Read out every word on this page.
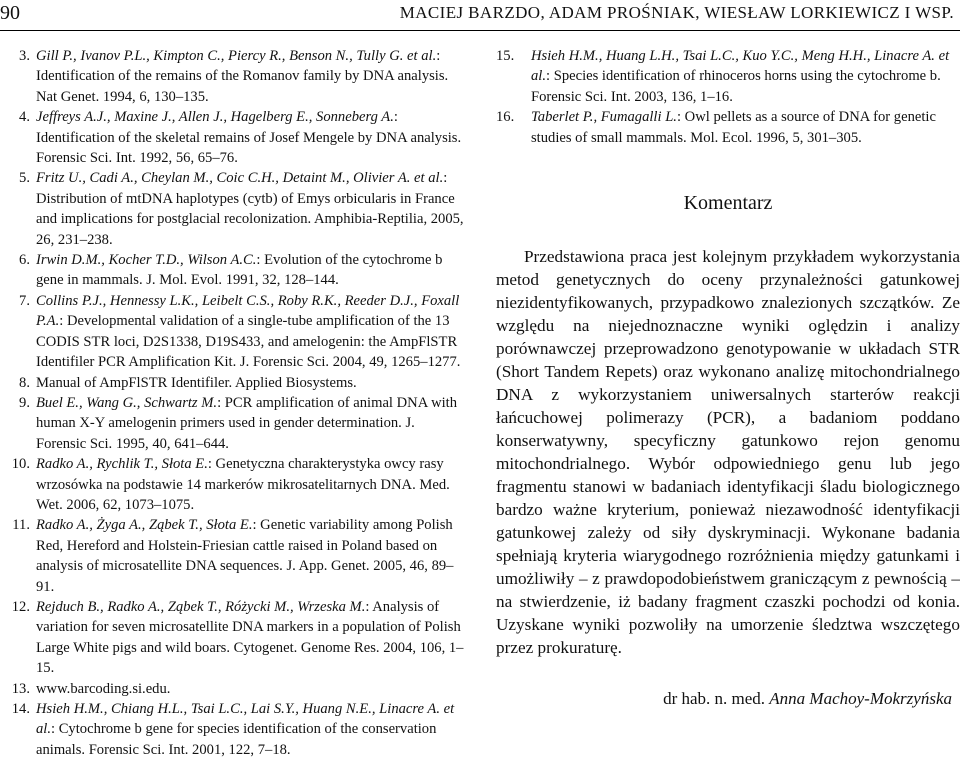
90	MACIEJ BARZDO, ADAM PROŚNIAK, WIESŁAW LORKIEWICZ I WSP.
3. Gill P., Ivanov P.L., Kimpton C., Piercy R., Benson N., Tully G. et al.: Identification of the remains of the Romanov family by DNA analysis. Nat Genet. 1994, 6, 130–135.
4. Jeffreys A.J., Maxine J., Allen J., Hagelberg E., Sonneberg A.: Identification of the skeletal remains of Josef Mengele by DNA analysis. Forensic Sci. Int. 1992, 56, 65–76.
5. Fritz U., Cadi A., Cheylan M., Coic C.H., Detaint M., Olivier A. et al.: Distribution of mtDNA haplotypes (cytb) of Emys orbicularis in France and implications for postglacial recolonization. Amphibia-Reptilia, 2005, 26, 231–238.
6. Irwin D.M., Kocher T.D., Wilson A.C.: Evolution of the cytochrome b gene in mammals. J. Mol. Evol. 1991, 32, 128–144.
7. Collins P.J., Hennessy L.K., Leibelt C.S., Roby R.K., Reeder D.J., Foxall P.A.: Developmental validation of a single-tube amplification of the 13 CODIS STR loci, D2S1338, D19S433, and amelogenin: the AmpFlSTR Identifiler PCR Amplification Kit. J. Forensic Sci. 2004, 49, 1265–1277.
8. Manual of AmpFlSTR Identifiler. Applied Biosystems.
9. Buel E., Wang G., Schwartz M.: PCR amplification of animal DNA with human X-Y amelogenin primers used in gender determination. J. Forensic Sci. 1995, 40, 641–644.
10. Radko A., Rychlik T., Słota E.: Genetyczna charakterystyka owcy rasy wrzosówka na podstawie 14 markerów mikrosatelitarnych DNA. Med. Wet. 2006, 62, 1073–1075.
11. Radko A., Żyga A., Ząbek T., Słota E.: Genetic variability among Polish Red, Hereford and Holstein-Friesian cattle raised in Poland based on analysis of microsatellite DNA sequences. J. App. Genet. 2005, 46, 89–91.
12. Rejduch B., Radko A., Ząbek T., Różycki M., Wrzeska M.: Analysis of variation for seven microsatellite DNA markers in a population of Polish Large White pigs and wild boars. Cytogenet. Genome Res. 2004, 106, 1–15.
13. www.barcoding.si.edu.
14. Hsieh H.M., Chiang H.L., Tsai L.C., Lai S.Y., Huang N.E., Linacre A. et al.: Cytochrome b gene for species identification of the conservation animals. Forensic Sci. Int. 2001, 122, 7–18.
15.	Hsieh H.M., Huang L.H., Tsai L.C., Kuo Y.C., Meng H.H., Linacre A. et al.: Species identification of rhinoceros horns using the cytochrome b. Forensic Sci. Int. 2003, 136, 1–16.
16.	Taberlet P., Fumagalli L.: Owl pellets as a source of DNA for genetic studies of small mammals. Mol. Ecol. 1996, 5, 301–305.
Komentarz

Przedstawiona praca jest kolejnym przykładem wykorzystania metod genetycznych do oceny przynależności gatunkowej niezidentyfikowanych, przypadkowo znalezionych szczątków. Ze względu na niejednoznaczne wyniki oględzin i analizy porównawczej przeprowadzono genotypowanie w układach STR (Short Tandem Repets) oraz wykonano analizę mitochondrialnego DNA z wykorzystaniem uniwersalnych starterów reakcji łańcuchowej polimerazy (PCR), a badaniom poddano konserwatywny, specyficzny gatunkowo rejon genomu mitochondrialnego. Wybór odpowiedniego genu lub jego fragmentu stanowi w badaniach identyfikacji śladu biologicznego bardzo ważne kryterium, ponieważ niezawodność identyfikacji gatunkowej zależy od siły dyskryminacji. Wykonane badania spełniają kryteria wiarygodnego rozróżnienia między gatunkami i umożliwiły – z prawdopodobieństwem graniczącym z pewnością – na stwierdzenie, iż badany fragment czaszki pochodzi od konia. Uzyskane wyniki pozwoliły na umorzenie śledztwa wszczętego przez prokuraturę.

dr hab. n. med. Anna Machoy-Mokrzyńska
